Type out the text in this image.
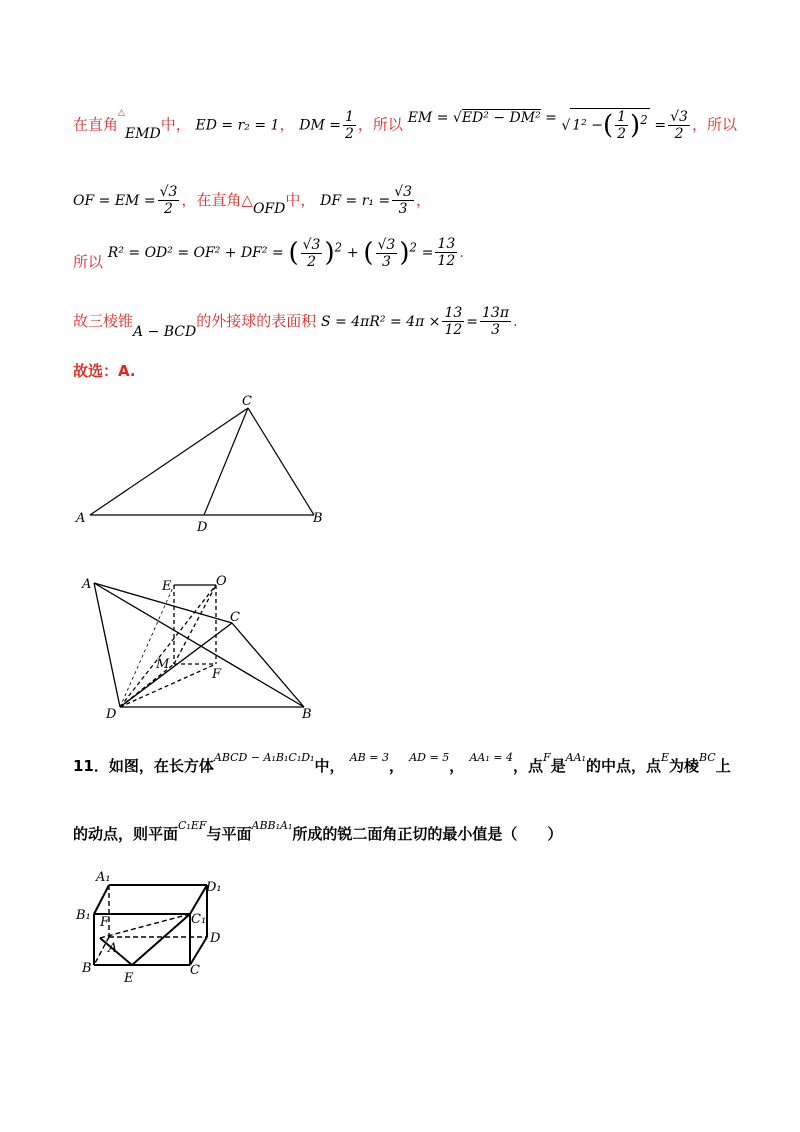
在直角△EMD中， ED = r₂ = 1， DM = $\frac{1}{2}$ ，所以 EM = √ED² − DM² = √ 1² −( $\frac{1}{2} )^2 = \frac{√3}{2}$ ，所以
OF = EM = $\frac{√3}{2}$ ，在直角△OFD中， DF = $r_1 = \frac{√3}{3}$ ，
所以 R² = OD² = OF² + DF² = ( $\frac{√3}{2} )^2$ + ( $\frac{√3}{3} )^2 = \frac{13}{12}$ .
故三棱锥A − BCD的外接球的表面积 $S = 4\pi R^2 = 4\pi \times \frac{13}{12} = \frac{13\pi}{3}$ .
故选：A.
C
A
D
B
A	E	O
C
M
F
D	B
11．如图，在长方体$^{ABCD - A_1B_1C_1D_1}$中， $^{AB = 3}$， $^{AD = 5}$， $^{AA_1 = 4}$，点$^F$是$^{AA_1}$的中点，点$^E$为棱$^{BC}$上
的动点，则平面$^{C_1EF}$与平面$^{ABB_1A_1}$所成的锐二面角正切的最小值是（　　）
A₁
D₁
B₁	C₁
F
D
A
B	C
E
